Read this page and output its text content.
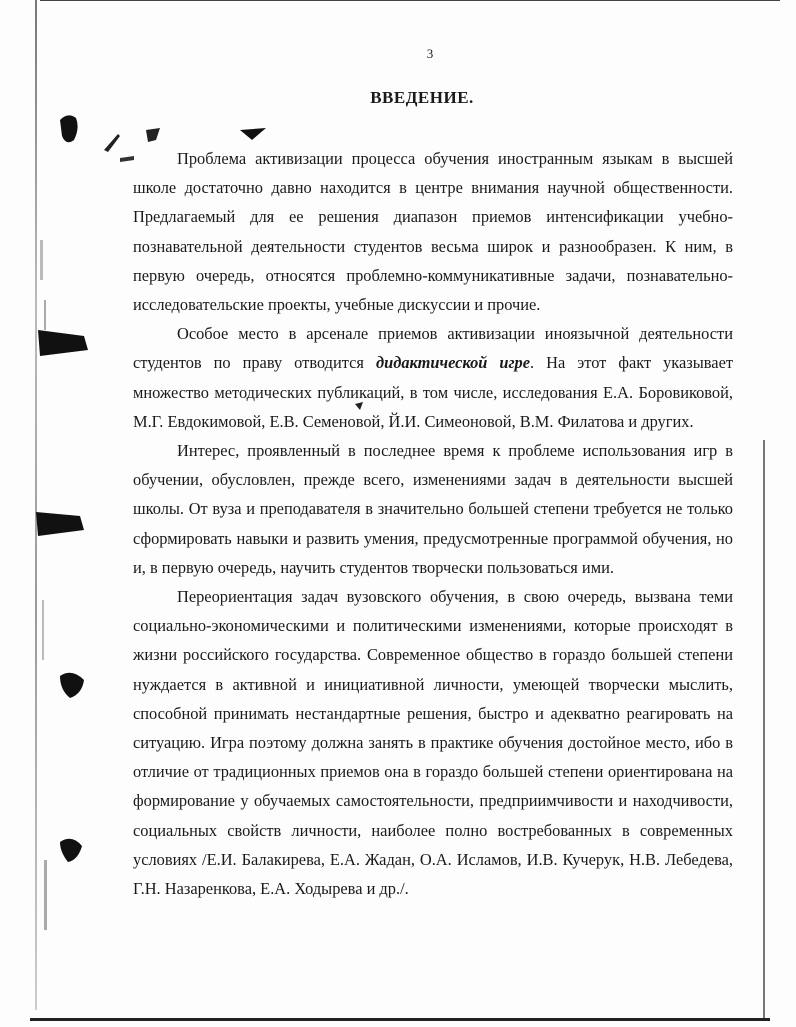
3
ВВЕДЕНИЕ.

Проблема активизации процесса обучения иностранным языкам в высшей школе достаточно давно находится в центре внимания научной общественности. Предлагаемый для ее решения диапазон приемов интенсификации учебно-познавательной деятельности студентов весьма широк и разнообразен. К ним, в первую очередь, относятся проблемно-коммуникативные задачи, познавательно-исследовательские проекты, учебные дискуссии и прочие.

Особое место в арсенале приемов активизации иноязычной деятельности студентов по праву отводится дидактической игре. На этот факт указывает множество методических публикаций, в том числе, исследования Е.А. Боровиковой, М.Г. Евдокимовой, Е.В. Семеновой, Й.И. Симеоновой, В.М. Филатова и других.

Интерес, проявленный в последнее время к проблеме использования игр в обучении, обусловлен, прежде всего, изменениями задач в деятельности высшей школы. От вуза и преподавателя в значительно большей степени требуется не только сформировать навыки и развить умения, предусмотренные программой обучения, но и, в первую очередь, научить студентов творчески пользоваться ими.

Переориентация задач вузовского обучения, в свою очередь, вызвана теми социально-экономическими и политическими изменениями, которые происходят в жизни российского государства. Современное общество в гораздо большей степени нуждается в активной и инициативной личности, умеющей творчески мыслить, способной принимать нестандартные решения, быстро и адекватно реагировать на ситуацию. Игра поэтому должна занять в практике обучения достойное место, ибо в отличие от традиционных приемов она в гораздо большей степени ориентирована на формирование у обучаемых самостоятельности, предприимчивости и находчивости, социальных свойств личности, наиболее полно востребованных в современных условиях /Е.И. Балакирева, Е.А. Жадан, О.А. Исламов, И.В. Кучерук, Н.В. Лебедева, Г.Н. Назаренкова, Е.А. Ходырева и др./.
